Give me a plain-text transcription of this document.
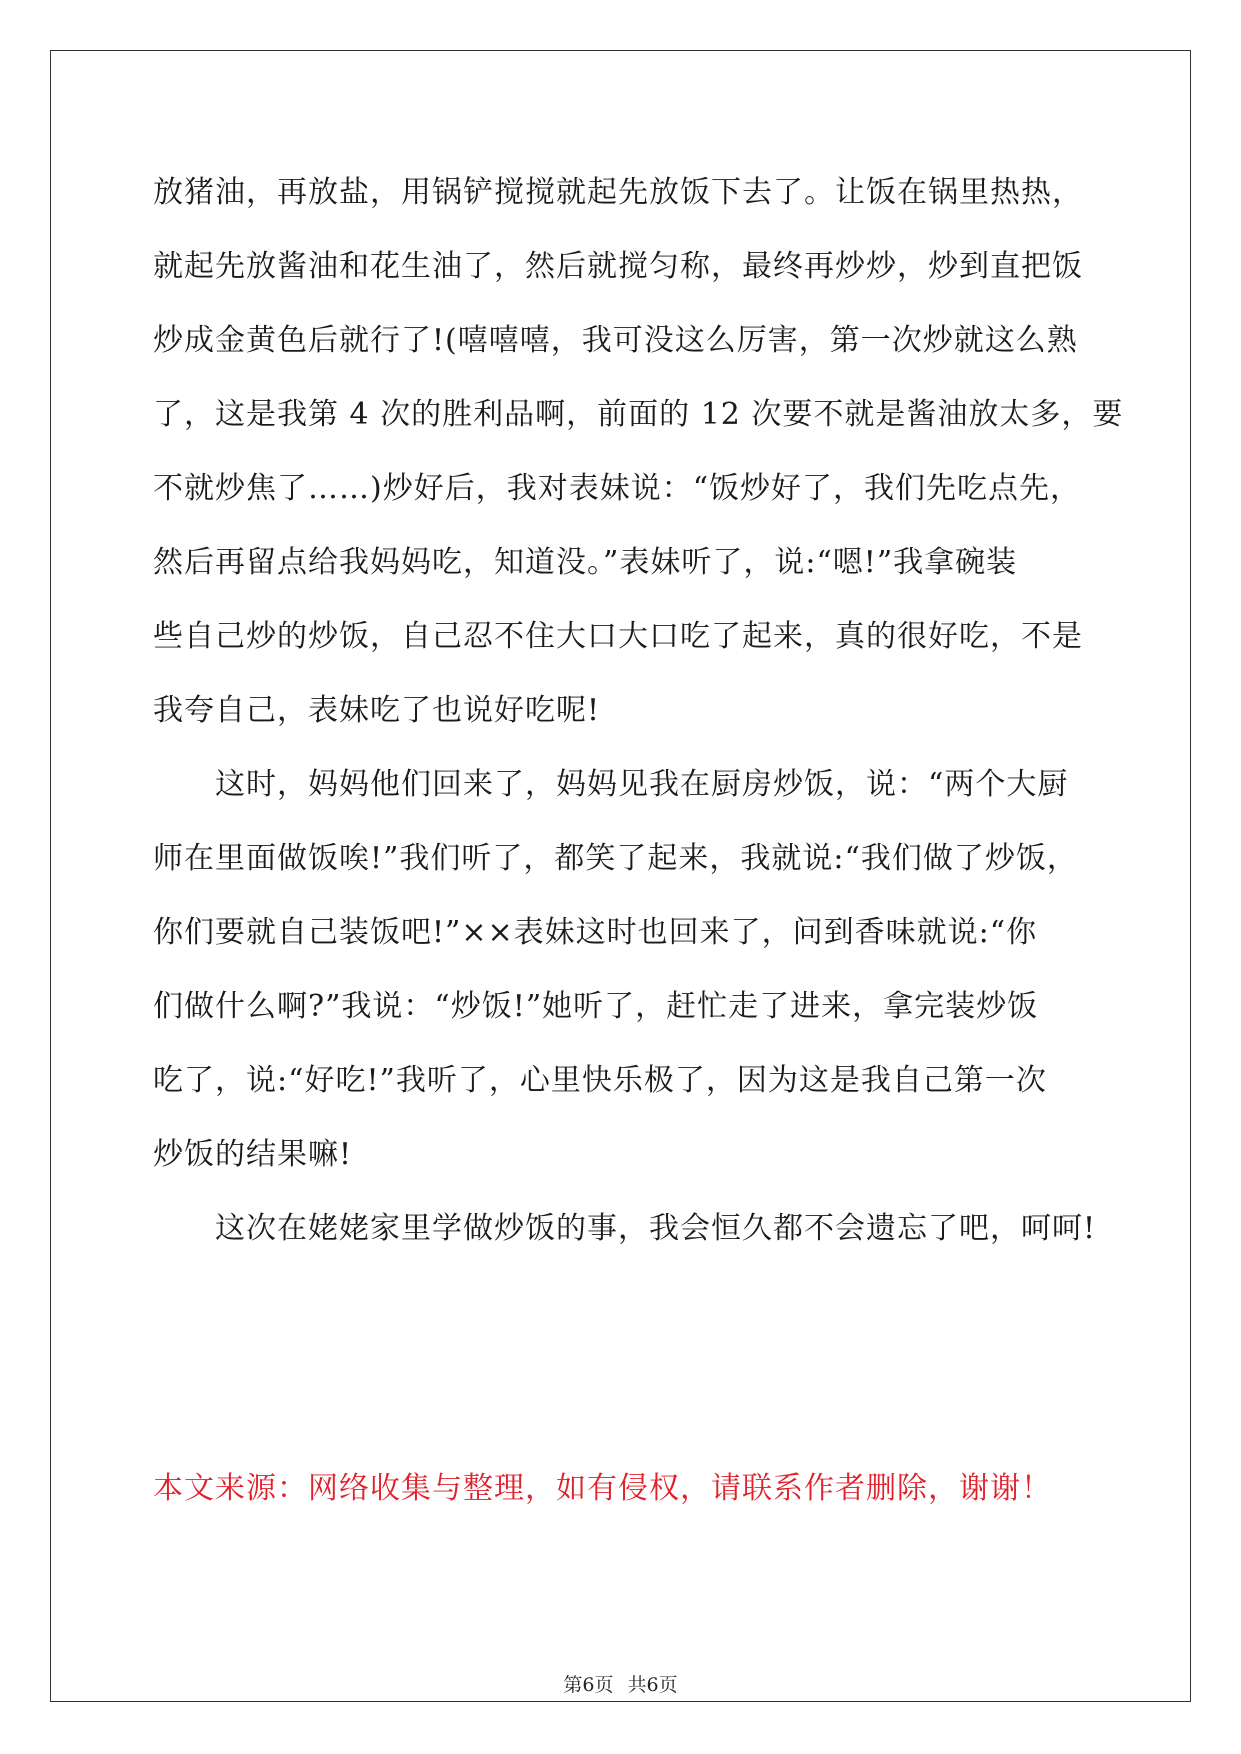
放猪油，再放盐，用锅铲搅搅就起先放饭下去了。让饭在锅里热热，
就起先放酱油和花生油了，然后就搅匀称，最终再炒炒，炒到直把饭
炒成金黄色后就行了!(嘻嘻嘻，我可没这么厉害，第一次炒就这么熟
了，这是我第 4 次的胜利品啊，前面的 12 次要不就是酱油放太多，要
不就炒焦了……)炒好后，我对表妹说：“饭炒好了，我们先吃点先，
然后再留点给我妈妈吃，知道没。”表妹听了，说:“嗯!”我拿碗装
些自己炒的炒饭，自己忍不住大口大口吃了起来，真的很好吃，不是
我夸自己，表妹吃了也说好吃呢!
这时，妈妈他们回来了，妈妈见我在厨房炒饭，说：“两个大厨
师在里面做饭唉!”我们听了，都笑了起来，我就说:“我们做了炒饭，
你们要就自己装饭吧!”××表妹这时也回来了，问到香味就说:“你
们做什么啊?”我说：“炒饭!”她听了，赶忙走了进来，拿完装炒饭
吃了，说:“好吃!”我听了，心里快乐极了，因为这是我自己第一次
炒饭的结果嘛!
这次在姥姥家里学做炒饭的事，我会恒久都不会遗忘了吧，呵呵!
本文来源：网络收集与整理，如有侵权，请联系作者删除，谢谢！
第6页 共6页
